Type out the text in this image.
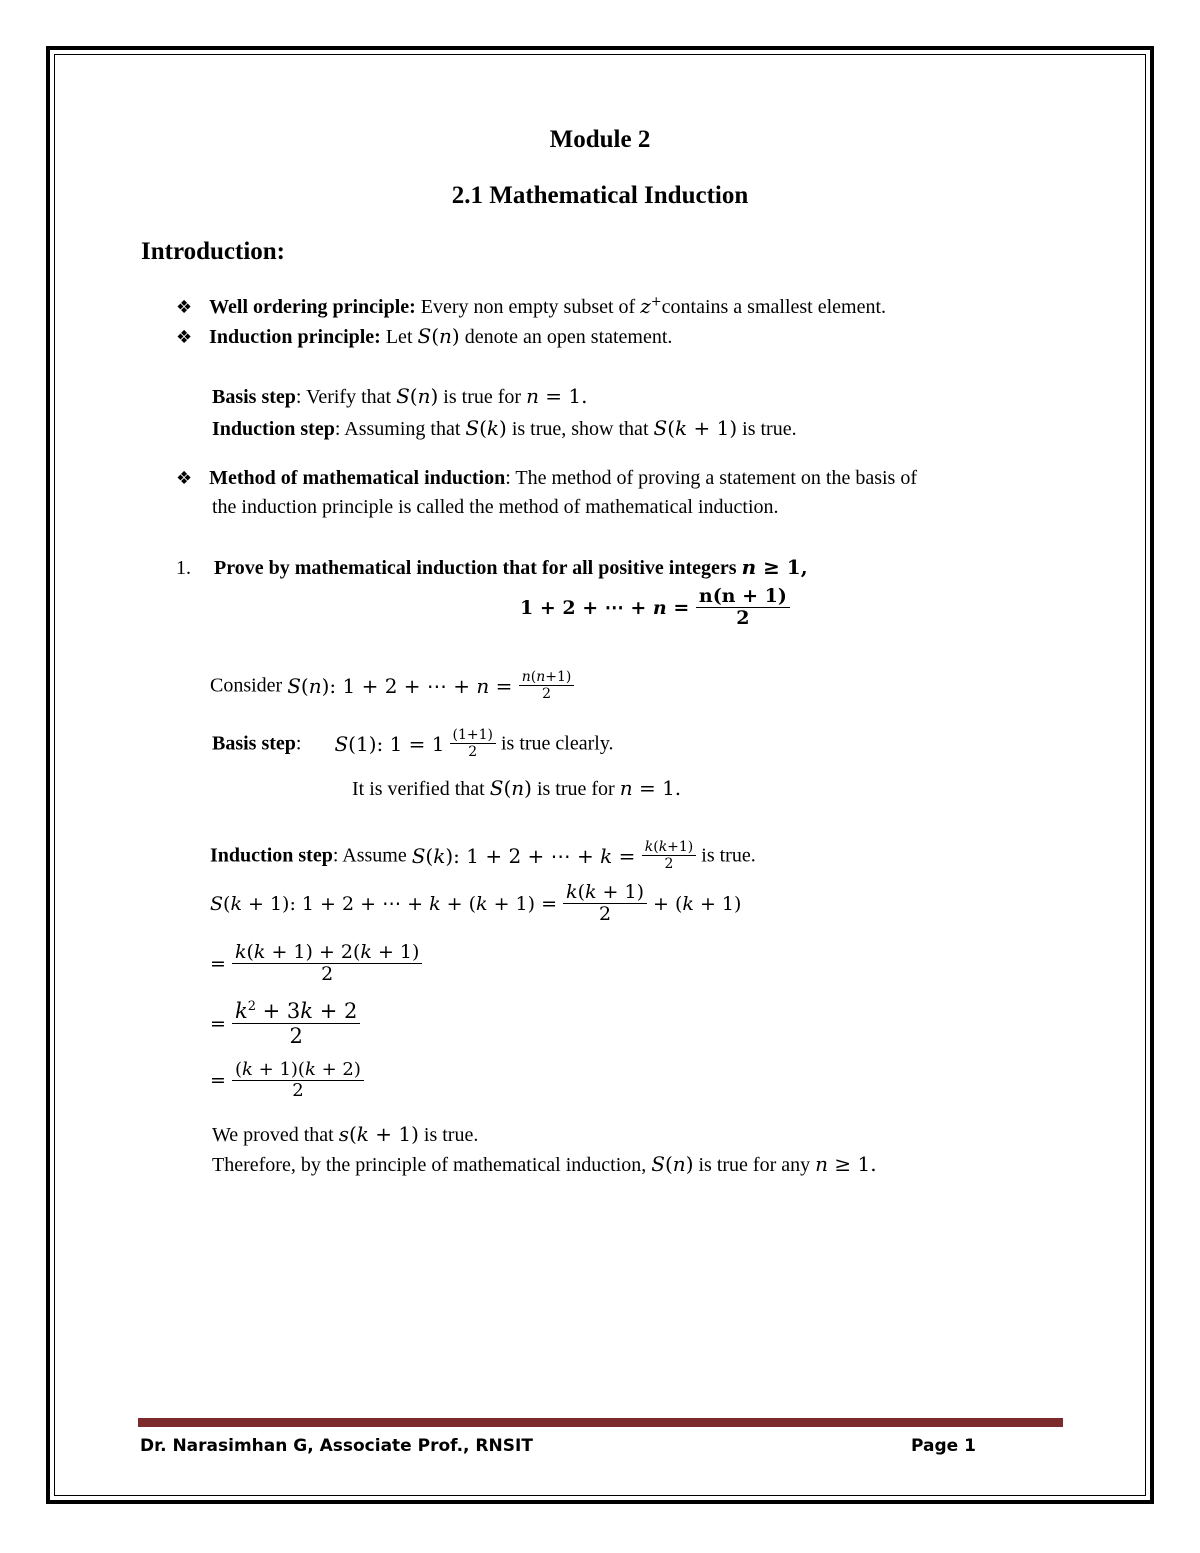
Module 2
2.1 Mathematical Induction
Introduction:
❖ Well ordering principle: Every non empty subset of z+contains a smallest element.
❖ Induction principle: Let S(n) denote an open statement.
Basis step: Verify that S(n) is true for n = 1.
Induction step: Assuming that S(k) is true, show that S(k + 1) is true.
❖ Method of mathematical induction: The method of proving a statement on the basis of
the induction principle is called the method of mathematical induction.
1. Prove by mathematical induction that for all positive integers n ≥ 1,
1 + 2 + ⋯ + $n = \frac{n(n + 1)}{2}$
Consider S(n): 1 + 2 + ⋯ + $n = \frac{n(n+1)}{2}$
Basis step: S(1): $1 = 1 \frac{(1+1)}{2}$ is true clearly.
It is verified that S(n) is true for n = 1.
Induction step: Assume S(k): 1 + 2 + ⋯ + $k = \frac{k(k+1)}{2}$ is true.
S(k + 1): 1 + 2 + ⋯ + $k + (k + 1) = \frac{k(k + 1)}{2} + (k + 1)$
= $\frac{k(k + 1) + 2(k + 1)}{2}$
= $\frac{k^2 + 3k + 2}{2}$
= $\frac{(k + 1)(k + 2)}{2}$
We proved that s(k + 1) is true.
Therefore, by the principle of mathematical induction, S(n) is true for any n ≥ 1.
Dr. Narasimhan G, Associate Prof., RNSIT	Page 1
